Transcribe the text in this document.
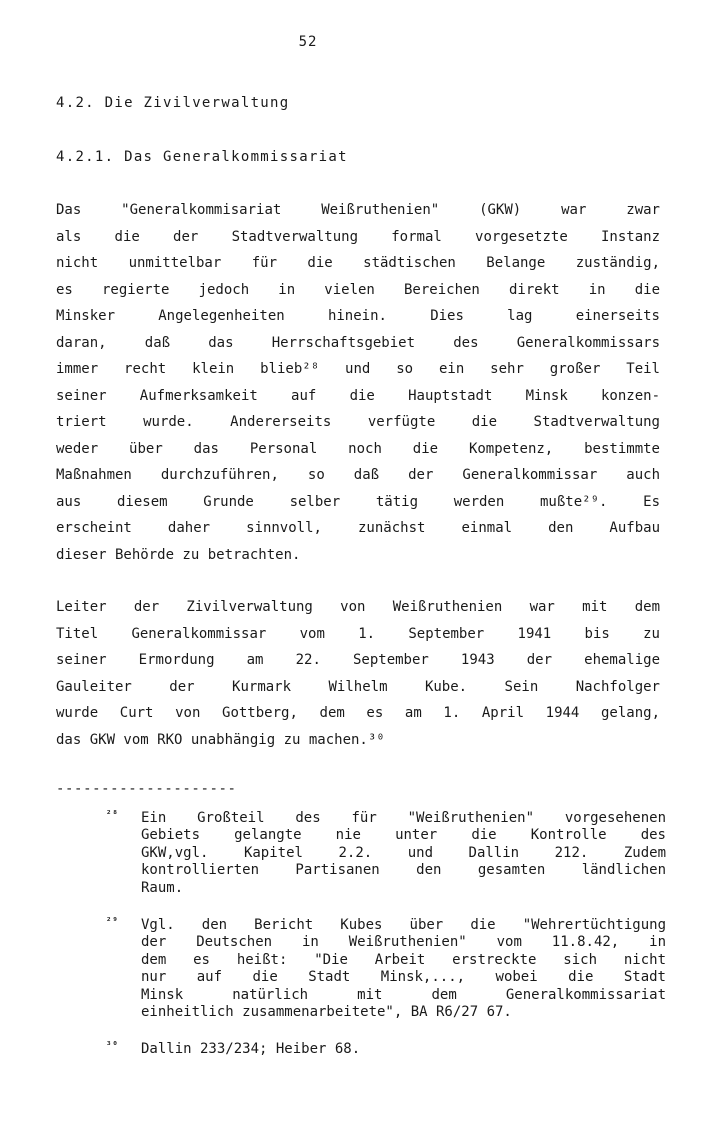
52
4.2. Die Zivilverwaltung
4.2.1. Das Generalkommissariat
Das "Generalkommisariat Weißruthenien" (GKW) war zwar
als die der Stadtverwaltung formal vorgesetzte Instanz
nicht unmittelbar für die städtischen Belange zuständig,
es regierte jedoch in vielen Bereichen direkt in die
Minsker Angelegenheiten hinein. Dies lag einerseits
daran, daß das Herrschaftsgebiet des Generalkommissars
immer recht klein blieb²⁸ und so ein sehr großer Teil
seiner Aufmerksamkeit auf die Hauptstadt Minsk konzen-
triert wurde. Andererseits verfügte die Stadtverwaltung
weder über das Personal noch die Kompetenz, bestimmte
Maßnahmen durchzuführen, so daß der Generalkommissar auch
aus diesem Grunde selber tätig werden mußte²⁹. Es
erscheint daher sinnvoll, zunächst einmal den Aufbau
dieser Behörde zu betrachten.
Leiter der Zivilverwaltung von Weißruthenien war mit dem
Titel Generalkommissar vom 1. September 1941 bis zu
seiner Ermordung am 22. September 1943 der ehemalige
Gauleiter der Kurmark Wilhelm Kube. Sein Nachfolger
wurde Curt von Gottberg, dem es am 1. April 1944 gelang,
das GKW vom RKO unabhängig zu machen.³⁰
--------------------
²⁸ Ein Großteil des für "Weißruthenien" vorgesehenen
Gebiets gelangte nie unter die Kontrolle des
GKW,vgl. Kapitel 2.2. und Dallin 212. Zudem
kontrollierten Partisanen den gesamten ländlichen
Raum.
²⁹ Vgl. den Bericht Kubes über die "Wehrertüchtigung
der Deutschen in Weißruthenien" vom 11.8.42, in
dem es heißt: "Die Arbeit erstreckte sich nicht
nur auf die Stadt Minsk,..., wobei die Stadt
Minsk natürlich mit dem Generalkommissariat
einheitlich zusammenarbeitete", BA R6/27 67.
³⁰ Dallin 233/234; Heiber 68.
